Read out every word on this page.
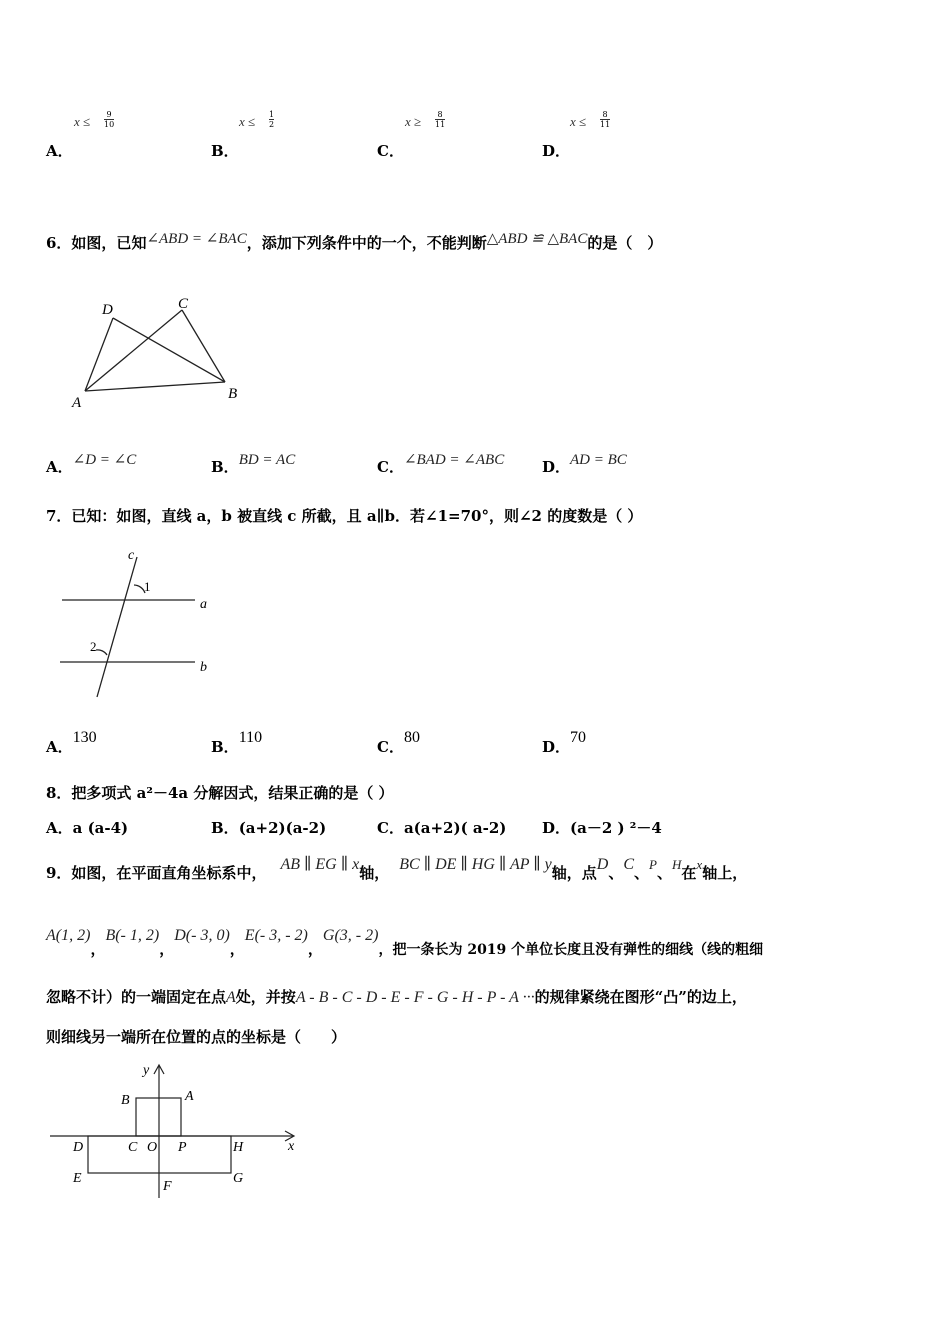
x ≤ 9
10
A．
x ≤ 1
2
B．
x ≥ 8
11
C．
x ≤ 8
11
D．
6．如图，已知∠ABD = ∠BAC，添加下列条件中的一个，不能判断△ABD ≌ △BAC的是（　）
D	C
A
B
A．∠D = ∠C	B．BD = AC	C．∠BAD = ∠ABC	D．AD = BC
7．已知：如图，直线 a，b 被直线 c 所截，且 a∥b．若∠1=70°，则∠2 的度数是（ ）
c
a
b
1
2
A．130
B．110
C．80
D．70
8．把多项式 a²－4a 分解因式，结果正确的是（ ）
A．a (a-4)	B．(a+2)(a-2)	C．a(a+2)( a-2) D．(a－2 ) ²－4
9．如图，在平面直角坐标系中， AB ∥ EG ∥ x轴， BC ∥ DE ∥ HG ∥ AP ∥ y轴，点D、C、P、H在x轴上，
A(1, 2)，B(- 1, 2)，D(- 3, 0)，E(- 3, - 2)，G(3, - 2)，把一条长为 2019 个单位长度且没有弹性的细线（线的粗细
忽略不计）的一端固定在点A处，并按A - B - C - D - E - F - G - H - P - A ···的规律紧绕在图形“凸”的边上，
则细线另一端所在位置的点的坐标是（　　）
y
x
A
B
C O P
D	H
E
F
G
